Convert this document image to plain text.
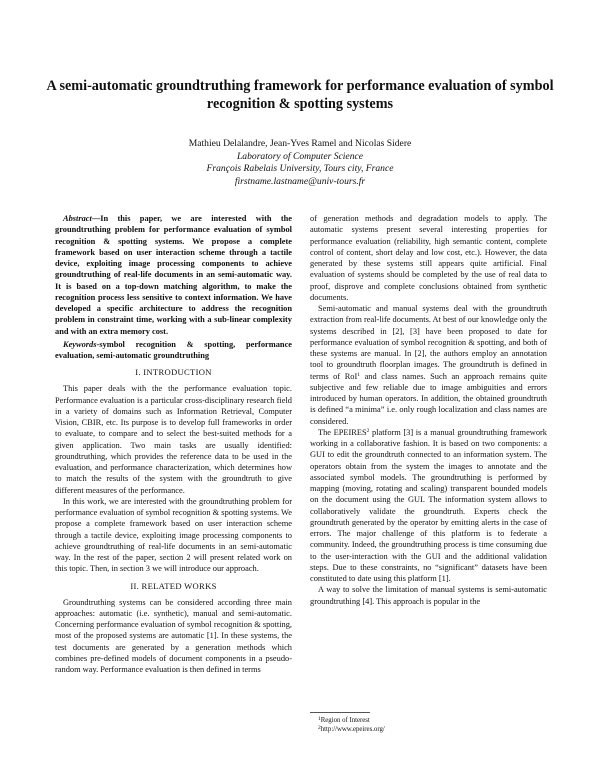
A semi-automatic groundtruthing framework for performance evaluation of symbol recognition & spotting systems
Mathieu Delalandre, Jean-Yves Ramel and Nicolas Sidere
Laboratory of Computer Science
François Rabelais University, Tours city, France
firstname.lastname@univ-tours.fr

Abstract—In this paper, we are interested with the groundtruthing problem for performance evaluation of symbol recognition & spotting systems. We propose a complete framework based on user interaction scheme through a tactile device, exploiting image processing components to achieve groundtruthing of real-life documents in an semi-automatic way. It is based on a top-down matching algorithm, to make the recognition process less sensitive to context information. We have developed a specific architecture to address the recognition problem in constraint time, working with a sub-linear complexity and with an extra memory cost.

Keywords-symbol recognition & spotting, performance evaluation, semi-automatic groundtruthing

I. INTRODUCTION

This paper deals with the the performance evaluation topic. Performance evaluation is a particular cross-disciplinary research field in a variety of domains such as Information Retrieval, Computer Vision, CBIR, etc. Its purpose is to develop full frameworks in order to evaluate, to compare and to select the best-suited methods for a given application. Two main tasks are usually identified: groundtruthing, which provides the reference data to be used in the evaluation, and performance characterization, which determines how to match the results of the system with the groundtruth to give different measures of the performance.

In this work, we are interested with the groundtruthing problem for performance evaluation of symbol recognition & spotting systems. We propose a complete framework based on user interaction scheme through a tactile device, exploiting image processing components to achieve groundtruthing of real-life documents in an semi-automatic way. In the rest of the paper, section 2 will present related work on this topic. Then, in section 3 we will introduce our approach.

II. RELATED WORKS

Groundtruthing systems can be considered according three main approaches: automatic (i.e. synthetic), manual and semi-automatic. Concerning performance evaluation of symbol recognition & spotting, most of the proposed systems are automatic [1]. In these systems, the test documents are generated by a generation methods which combines pre-defined models of document components in a pseudo-random way. Performance evaluation is then defined in terms

of generation methods and degradation models to apply. The automatic systems present several interesting properties for performance evaluation (reliability, high semantic content, complete control of content, short delay and low cost, etc.). However, the data generated by these systems still appears quite artificial. Final evaluation of systems should be completed by the use of real data to proof, disprove and complete conclusions obtained from synthetic documents.

Semi-automatic and manual systems deal with the groundtruth extraction from real-life documents. At best of our knowledge only the systems described in [2], [3] have been proposed to date for performance evaluation of symbol recognition & spotting, and both of these systems are manual. In [2], the authors employ an annotation tool to groundtruth floorplan images. The groundtruth is defined in terms of RoI$^1$ and class names. Such an approach remains quite subjective and few reliable due to image ambiguities and errors introduced by human operators. In addition, the obtained groundtruth is defined “a minima” i.e. only rough localization and class names are considered.

The EPEIRES$^2$ platform [3] is a manual groundtruthing framework working in a collaborative fashion. It is based on two components: a GUI to edit the groundtruth connected to an information system. The operators obtain from the system the images to annotate and the associated symbol models. The groundtruthing is performed by mapping (moving, rotating and scaling) transparent bounded models on the document using the GUI. The information system allows to collaboratively validate the groundtruth. Experts check the groundtruth generated by the operator by emitting alerts in the case of errors. The major challenge of this platform is to federate a community. Indeed, the groundtruthing process is time consuming due to the user-interaction with the GUI and the additional validation steps. Due to these constraints, no “significant” datasets have been constituted to date using this platform [1].

A way to solve the limitation of manual systems is semi-automatic groundtruthing [4]. This approach is popular in the

$^1$Region of Interest
$^2$http://www.epeires.org/
